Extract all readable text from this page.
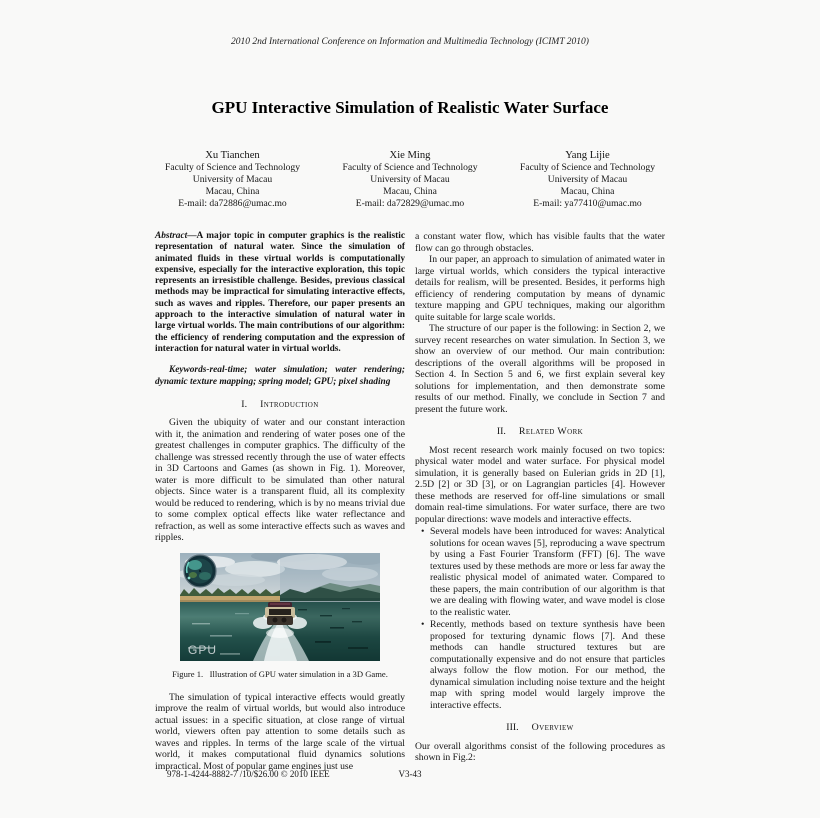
2010 2nd International Conference on Information and Multimedia Technology (ICIMT 2010)
GPU Interactive Simulation of Realistic Water Surface
Xu Tianchen
Faculty of Science and Technology
University of Macau
Macau, China
E-mail: da72886@umac.mo
Xie Ming
Faculty of Science and Technology
University of Macau
Macau, China
E-mail: da72829@umac.mo
Yang Lijie
Faculty of Science and Technology
University of Macau
Macau, China
E-mail: ya77410@umac.mo

Abstract—A major topic in computer graphics is the realistic representation of natural water. Since the simulation of animated fluids in these virtual worlds is computationally expensive, especially for the interactive exploration, this topic represents an irresistible challenge. Besides, previous classical methods may be impractical for simulating interactive effects, such as waves and ripples. Therefore, our paper presents an approach to the interactive simulation of natural water in large virtual worlds. The main contributions of our algorithm: the efficiency of rendering computation and the expression of interaction for natural water in virtual worlds.

Keywords-real-time; water simulation; water rendering; dynamic texture mapping; spring model; GPU; pixel shading

I. Introduction

Given the ubiquity of water and our constant interaction with it, the animation and rendering of water poses one of the greatest challenges in computer graphics. The difficulty of the challenge was stressed recently through the use of water effects in 3D Cartoons and Games (as shown in Fig. 1). Moreover, water is more difficult to be simulated than other natural objects. Since water is a transparent fluid, all its complexity would be reduced to rendering, which is by no means trivial due to some complex optical effects like water reflectance and refraction, as well as some interactive effects such as waves and ripples.

GPU
Figure 1.   Illustration of GPU water simulation in a 3D Game.

The simulation of typical interactive effects would greatly improve the realm of virtual worlds, but would also introduce actual issues: in a specific situation, at close range of virtual world, viewers often pay attention to some details such as waves and ripples. In terms of the large scale of the virtual world, it makes computational fluid dynamics solutions impractical. Most of popular game engines just use

a constant water flow, which has visible faults that the water flow can go through obstacles.

In our paper, an approach to simulation of animated water in large virtual worlds, which considers the typical interactive details for realism, will be presented. Besides, it performs high efficiency of rendering computation by means of dynamic texture mapping and GPU techniques, making our algorithm quite suitable for large scale worlds.

The structure of our paper is the following: in Section 2, we survey recent researches on water simulation. In Section 3, we show an overview of our method. Our main contribution: descriptions of the overall algorithms will be proposed in Section 4. In Section 5 and 6, we first explain several key solutions for implementation, and then demonstrate some results of our method. Finally, we conclude in Section 7 and present the future work.

II. Related Work

Most recent research work mainly focused on two topics: physical water model and water surface. For physical model simulation, it is generally based on Eulerian grids in 2D [1], 2.5D [2] or 3D [3], or on Lagrangian particles [4]. However these methods are reserved for off-line simulations or small domain real-time simulations. For water surface, there are two popular directions: wave models and interactive effects.

• Several models have been introduced for waves: Analytical solutions for ocean waves [5], reproducing a wave spectrum by using a Fast Fourier Transform (FFT) [6]. The wave textures used by these methods are more or less far away the realistic physical model of animated water. Compared to these papers, the main contribution of our algorithm is that we are dealing with flowing water, and wave model is close to the realistic water.
• Recently, methods based on texture synthesis have been proposed for texturing dynamic flows [7]. And these methods can handle structured textures but are computationally expensive and do not ensure that particles always follow the flow motion. For our method, the dynamical simulation including noise texture and the height map with spring model would largely improve the interactive effects.
III. Overview

Our overall algorithms consist of the following procedures as shown in Fig.2:

978-1-4244-8882-7 /10/$26.00 © 2010 IEEE	V3-43
